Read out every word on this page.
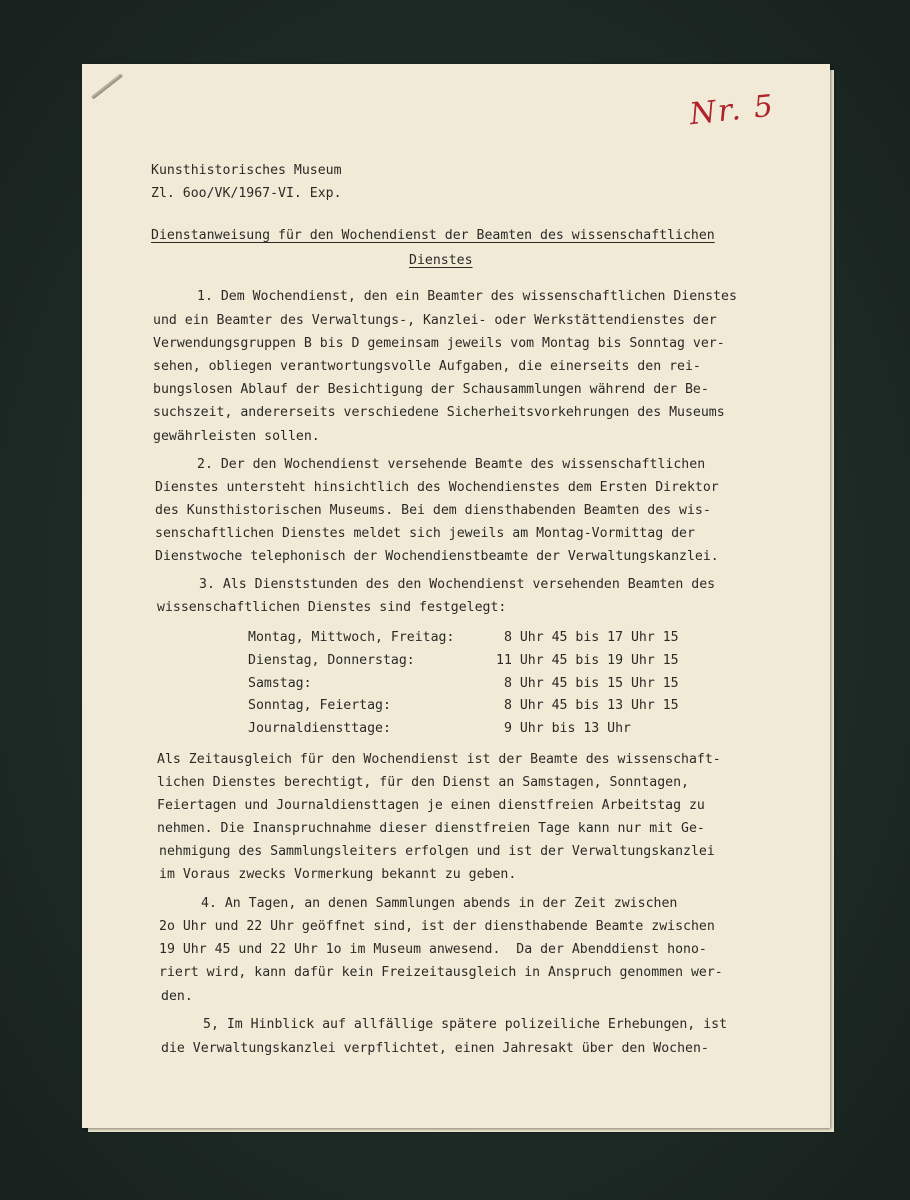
Nr. 5
Kunsthistorisches Museum
Zl. 6oo/VK/1967-VI. Exp.
Dienstanweisung für den Wochendienst der Beamten des wissenschaftlichen
Dienstes
1. Dem Wochendienst, den ein Beamter des wissenschaftlichen Dienstes
und ein Beamter des Verwaltungs-, Kanzlei- oder Werkstättendienstes der
Verwendungsgruppen B bis D gemeinsam jeweils vom Montag bis Sonntag ver-
sehen, obliegen verantwortungsvolle Aufgaben, die einerseits den rei-
bungslosen Ablauf der Besichtigung der Schausammlungen während der Be-
suchszeit, andererseits verschiedene Sicherheitsvorkehrungen des Museums
gewährleisten sollen.
2. Der den Wochendienst versehende Beamte des wissenschaftlichen
Dienstes untersteht hinsichtlich des Wochendienstes dem Ersten Direktor
des Kunsthistorischen Museums. Bei dem diensthabenden Beamten des wis-
senschaftlichen Dienstes meldet sich jeweils am Montag-Vormittag der
Dienstwoche telephonisch der Wochendienstbeamte der Verwaltungskanzlei.
3. Als Dienststunden des den Wochendienst versehenden Beamten des
wissenschaftlichen Dienstes sind festgelegt:
Montag, Mittwoch, Freitag:	8 Uhr 45 bis 17 Uhr 15
Dienstag, Donnerstag:	11 Uhr 45 bis 19 Uhr 15
Samstag:	8 Uhr 45 bis 15 Uhr 15
Sonntag, Feiertag:	8 Uhr 45 bis 13 Uhr 15
Journaldiensttage:	9 Uhr bis 13 Uhr
Als Zeitausgleich für den Wochendienst ist der Beamte des wissenschaft-
lichen Dienstes berechtigt, für den Dienst an Samstagen, Sonntagen,
Feiertagen und Journaldiensttagen je einen dienstfreien Arbeitstag zu
nehmen. Die Inanspruchnahme dieser dienstfreien Tage kann nur mit Ge-
nehmigung des Sammlungsleiters erfolgen und ist der Verwaltungskanzlei
im Voraus zwecks Vormerkung bekannt zu geben.
4. An Tagen, an denen Sammlungen abends in der Zeit zwischen
2o Uhr und 22 Uhr geöffnet sind, ist der diensthabende Beamte zwischen
19 Uhr 45 und 22 Uhr 1o im Museum anwesend.  Da der Abenddienst hono-
riert wird, kann dafür kein Freizeitausgleich in Anspruch genommen wer-
den.
5, Im Hinblick auf allfällige spätere polizeiliche Erhebungen, ist
die Verwaltungskanzlei verpflichtet, einen Jahresakt über den Wochen-
